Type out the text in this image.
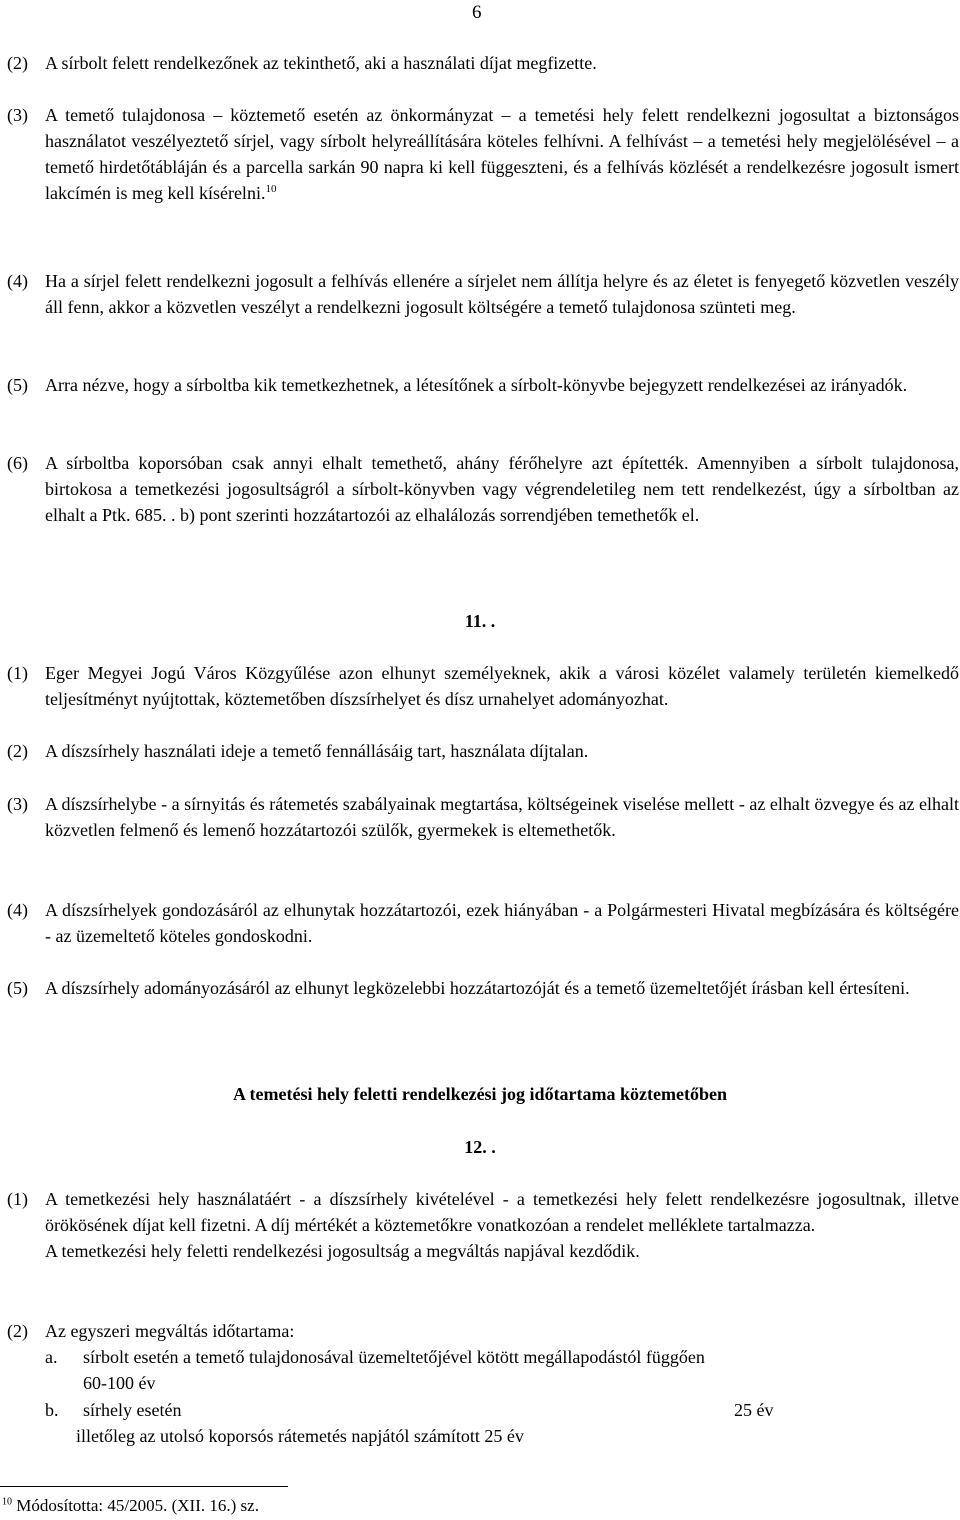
6
(2) A sírbolt felett rendelkezőnek az tekinthető, aki a használati díjat megfizette.
(3) A temető tulajdonosa – köztemető esetén az önkormányzat – a temetési hely felett rendelkezni jogosultat a biztonságos használatot veszélyeztető sírjel, vagy sírbolt helyreállítására köteles felhívni. A felhívást – a temetési hely megjelölésével – a temető hirdetőtábláján és a parcella sarkán 90 napra ki kell függeszteni, és a felhívás közlését a rendelkezésre jogosult ismert lakcímén is meg kell kísérelni.$^{10}$
(4) Ha a sírjel felett rendelkezni jogosult a felhívás ellenére a sírjelet nem állítja helyre és az életet is fenyegető közvetlen veszély áll fenn, akkor a közvetlen veszélyt a rendelkezni jogosult költségére a temető tulajdonosa szünteti meg.
(5) Arra nézve, hogy a sírboltba kik temetkezhetnek, a létesítőnek a sírbolt-könyvbe bejegyzett rendelkezései az irányadók.
(6) A sírboltba koporsóban csak annyi elhalt temethető, ahány férőhelyre azt építették. Amennyiben a sírbolt tulajdonosa, birtokosa a temetkezési jogosultságról a sírbolt-könyvben vagy végrendeletileg nem tett rendelkezést, úgy a sírboltban az elhalt a Ptk. 685. . b) pont szerinti hozzátartozói az elhalálozás sorrendjében temethetők el.
11. .
(1) Eger Megyei Jogú Város Közgyűlése azon elhunyt személyeknek, akik a városi közélet valamely területén kiemelkedő teljesítményt nyújtottak, köztemetőben díszsírhelyet és dísz urnahelyet adományozhat.
(2) A díszsírhely használati ideje a temető fennállásáig tart, használata díjtalan.
(3) A díszsírhelybe - a sírnyitás és rátemetés szabályainak megtartása, költségeinek viselése mellett - az elhalt özvegye és az elhalt közvetlen felmenő és lemenő hozzátartozói szülők, gyermekek is eltemethetők.
(4) A díszsírhelyek gondozásáról az elhunytak hozzátartozói, ezek hiányában - a Polgármesteri Hivatal megbízására és költségére - az üzemeltető köteles gondoskodni.
(5) A díszsírhely adományozásáról az elhunyt legközelebbi hozzátartozóját és a temető üzemeltetőjét írásban kell értesíteni.
A temetési hely feletti rendelkezési jog időtartama köztemetőben
12. .
(1) A temetkezési hely használatáért - a díszsírhely kivételével - a temetkezési hely felett rendelkezésre jogosultnak, illetve örökösének díjat kell fizetni. A díj mértékét a köztemetőkre vonatkozóan a rendelet melléklete tartalmazza.
A temetkezési hely feletti rendelkezési jogosultság a megváltás napjával kezdődik.
(2) Az egyszeri megváltás időtartama:
a. sírbolt esetén a temető tulajdonosával üzemeltetőjével kötött megállapodástól függően
60-100 év
b. sírhely esetén	25 év
illetőleg az utolsó koporsós rátemetés napjától számított 25 év
$^{10}$ Módosította: 45/2005. (XII. 16.) sz.
